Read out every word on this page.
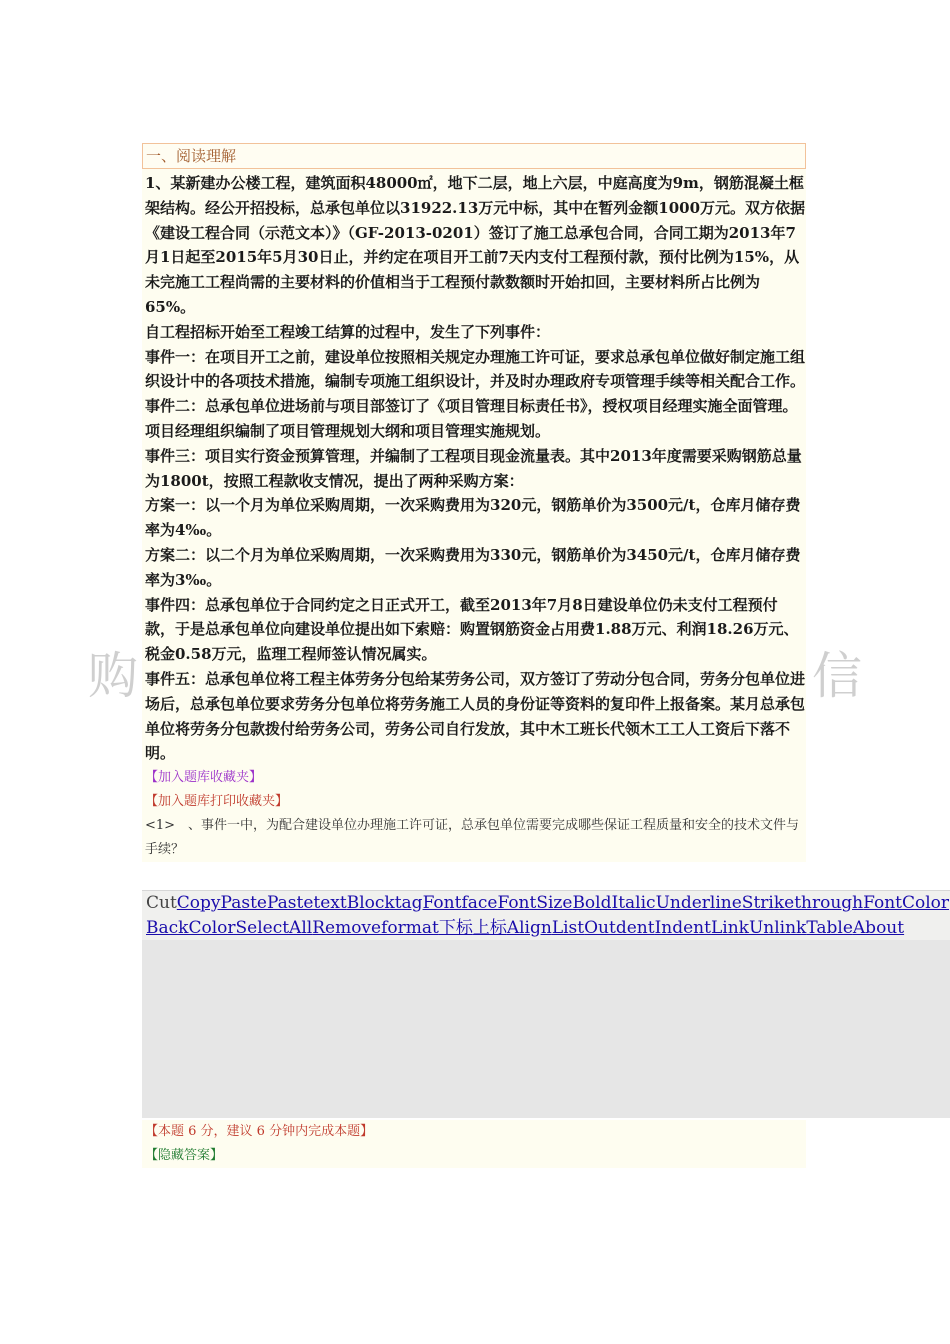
购	信
一、阅读理解

1、某新建办公楼工程，建筑面积48000㎡，地下二层，地上六层，中庭高度为9m，钢筋混凝土框架结构。经公开招投标，总承包单位以31922.13万元中标，其中在暂列金额1000万元。双方依据《建设工程合同（示范文本）》（GF-2013-0201）签订了施工总承包合同，合同工期为2013年7月1日起至2015年5月30日止，并约定在项目开工前7天内支付工程预付款，预付比例为15%，从未完施工工程尚需的主要材料的价值相当于工程预付款数额时开始扣回，主要材料所占比例为65%。

自工程招标开始至工程竣工结算的过程中，发生了下列事件：

事件一：在项目开工之前，建设单位按照相关规定办理施工许可证，要求总承包单位做好制定施工组织设计中的各项技术措施，编制专项施工组织设计，并及时办理政府专项管理手续等相关配合工作。

事件二：总承包单位进场前与项目部签订了《项目管理目标责任书》，授权项目经理实施全面管理。项目经理组织编制了项目管理规划大纲和项目管理实施规划。

事件三：项目实行资金预算管理，并编制了工程项目现金流量表。其中2013年度需要采购钢筋总量为1800t，按照工程款收支情况，提出了两种采购方案：

方案一：以一个月为单位采购周期，一次采购费用为320元，钢筋单价为3500元/t，仓库月储存费率为4‰。

方案二：以二个月为单位采购周期，一次采购费用为330元，钢筋单价为3450元/t，仓库月储存费率为3‰。

事件四：总承包单位于合同约定之日正式开工，截至2013年7月8日建设单位仍未支付工程预付款，于是总承包单位向建设单位提出如下索赔：购置钢筋资金占用费1.88万元、利润18.26万元、税金0.58万元，监理工程师签认情况属实。

事件五：总承包单位将工程主体劳务分包给某劳务公司，双方签订了劳动分包合同，劳务分包单位进场后，总承包单位要求劳务分包单位将劳务施工人员的身份证等资料的复印件上报备案。某月总承包单位将劳务分包款拨付给劳务公司，劳务公司自行发放，其中木工班长代领木工工人工资后下落不明。

【加入题库收藏夹】
【加入题库打印收藏夹】
<1>　、事件一中，为配合建设单位办理施工许可证，总承包单位需要完成哪些保证工程质量和安全的技术文件与手续？
CutCopyPastePastetextBlocktagFontfaceFontSizeBoldItalicUnderlineStrikethroughFontColorBackColorSelectAllRemoveformat下标上标AlignListOutdentIndentLinkUnlinkTableAbout
【本题 6 分，建议 6 分钟内完成本题】
【隐藏答案】
